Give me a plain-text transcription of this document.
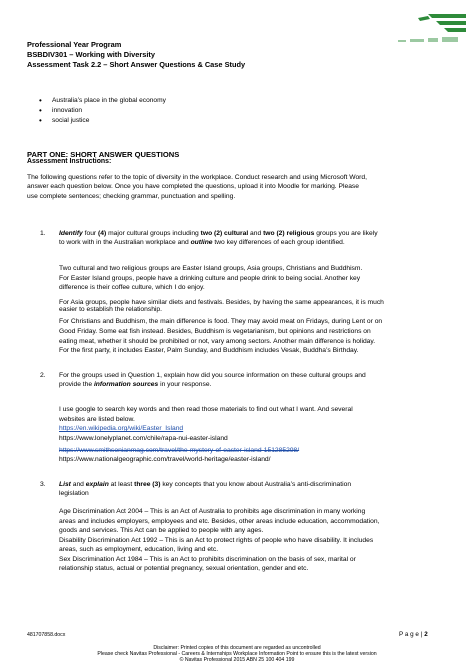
Professional Year Program
BSBDIV301 – Working with Diversity
Assessment Task 2.2 – Short Answer Questions & Case Study
• Australia’s place in the global economy
• innovation
• social justice
PART ONE: SHORT ANSWER QUESTIONS
Assessment Instructions:
The following questions refer to the topic of diversity in the workplace. Conduct research and using Microsoft Word,
answer each question below. Once you have completed the questions, upload it into Moodle for marking. Please
use complete sentences; checking grammar, punctuation and spelling.
1. Identify four (4) major cultural groups including two (2) cultural and two (2) religious groups you are likely
to work with in the Australian workplace and outline two key differences of each group identified.
Two cultural and two religious groups are Easter Island groups, Asia groups, Christians and Buddhism.
For Easter Island groups, people have a drinking culture and people drink to being social. Another key
difference is their coffee culture, which I do enjoy.
For Asia groups, people have similar diets and festivals. Besides, by having the same appearances, it is much
easier to establish the relationship.
For Christians and Buddhism, the main difference is food. They may avoid meat on Fridays, during Lent or on
Good Friday. Some eat fish instead. Besides, Buddhism is vegetarianism, but opinions and restrictions on
eating meat, whether it should be prohibited or not, vary among sectors. Another main difference is holiday.
For the first party, it includes Easter, Palm Sunday, and Buddhism includes Vesak, Buddha’s Birthday.
2. For the groups used in Question 1, explain how did you source information on these cultural groups and
provide the information sources in your response.
I use google to search key words and then read those materials to find out what I want. And several
websites are listed below.
https://en.wikipedia.org/wiki/Easter_Island
https://www.lonelyplanet.com/chile/rapa-nui-easter-island
https://www.smithsonianmag.com/travel/the-mystery-of-easter-island-151285298/
https://www.nationalgeographic.com/travel/world-heritage/easter-island/
3. List and explain at least three (3) key concepts that you know about Australia’s anti-discrimination
legislation
Age Discrimination Act 2004 – This is an Act of Australia to prohibits age discrimination in many working
areas and includes employers, employees and etc. Besides, other areas include education, accommodation,
goods and services. This Act can be applied to people with any ages.
Disability Discrimination Act 1992 – This is an Act to protect rights of people who have disability. It includes
areas, such as employment, education, living and etc.
Sex Discrimination Act 1984 – This is an Act to prohibits discrimination on the basis of sex, marital or
relationship status, actual or potential pregnancy, sexual orientation, gender and etc.
481707858.docx	P a g e | 2
Disclaimer: Printed copies of this document are regarded as uncontrolled
Please check Navitas Professional - Careers & Internships Workplace Information Point to ensure this is the latest version
© Navitas Professional 2015 ABN 25 100 404 199
